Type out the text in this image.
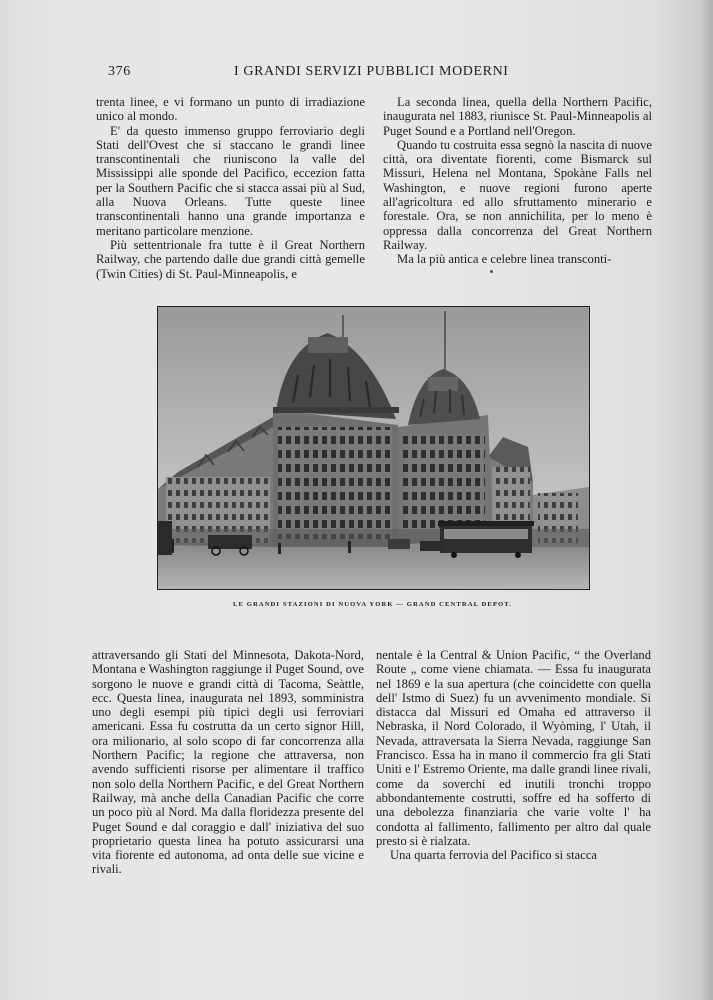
376	I GRANDI SERVIZI PUBBLICI MODERNI

trenta linee, e vi formano un punto di irradiazione unico al mondo.

E' da questo immenso gruppo ferroviario degli Stati dell'Ovest che si staccano le grandi linee transcontinentali che riuniscono la valle del Mississippi alle sponde del Pacifico, eccezion fatta per la Southern Pacific che si stacca assai più al Sud, alla Nuova Orleans. Tutte queste linee transcontinentali hanno una grande importanza e meritano particolare menzione.

Più settentrionale fra tutte è il Great Northern Railway, che partendo dalle due grandi città gemelle (Twin Cities) di St. Paul-Minneapolis, e

La seconda linea, quella della Northern Pacific, inaugurata nel 1883, riunisce St. Paul-Minneapolis al Puget Sound e a Portland nell'Oregon.

Quando tu costruita essa segnò la nascita di nuove città, ora diventate fiorenti, come Bismarck sul Missuri, Helena nel Montana, Spokàne Falls nel Washington, e nuove regioni furono aperte all'agricoltura ed allo sfruttamento minerario e forestale. Ora, se non annichilita, per lo meno è oppressa dalla concorrenza del Great Northern Railway.

Ma la più antica e celebre linea transconti-

LE GRANDI STAZIONI DI NUOVA YORK — GRAND CENTRAL DEPOT.

attraversando gli Stati del Minnesota, Dakota-Nord, Montana e Washington raggiunge il Puget Sound, ove sorgono le nuove e grandi città di Tacoma, Seàttle, ecc. Questa linea, inaugurata nel 1893, somministra uno degli esempi più tipici degli usi ferroviari americani. Essa fu costrutta da un certo signor Hill, ora milionario, al solo scopo di far concorrenza alla Northern Pacific; la regione che attraversa, non avendo sufficienti risorse per alimentare il traffico non solo della Northern Pacific, e del Great Northern Railway, mà anche della Canadian Pacific che corre un poco più al Nord. Ma dalla floridezza presente del Puget Sound e dal coraggio e dall' iniziativa del suo proprietario questa linea ha potuto assicurarsi una vita fiorente ed autonoma, ad onta delle sue vicine e rivali.

nentale è la Central & Union Pacific, “ the Overland Route „ come viene chiamata. — Essa fu inaugurata nel 1869 e la sua apertura (che coincidette con quella dell' Istmo di Suez) fu un avvenimento mondiale. Si distacca dal Missuri ed Omaha ed attraverso il Nebraska, il Nord Colorado, il Wyòming, l' Utah, il Nevada, attraversata la Sierra Nevada, raggiunge San Francisco. Essa ha in mano il commercio fra gli Stati Uniti e l' Estremo Oriente, ma dalle grandi linee rivali, come da soverchi ed inutili tronchi troppo abbondantemente costrutti, soffre ed ha sofferto di una debolezza finanziaria che varie volte l' ha condotta al fallimento, fallimento per altro dal quale presto si è rialzata.

Una quarta ferrovia del Pacifico si stacca
